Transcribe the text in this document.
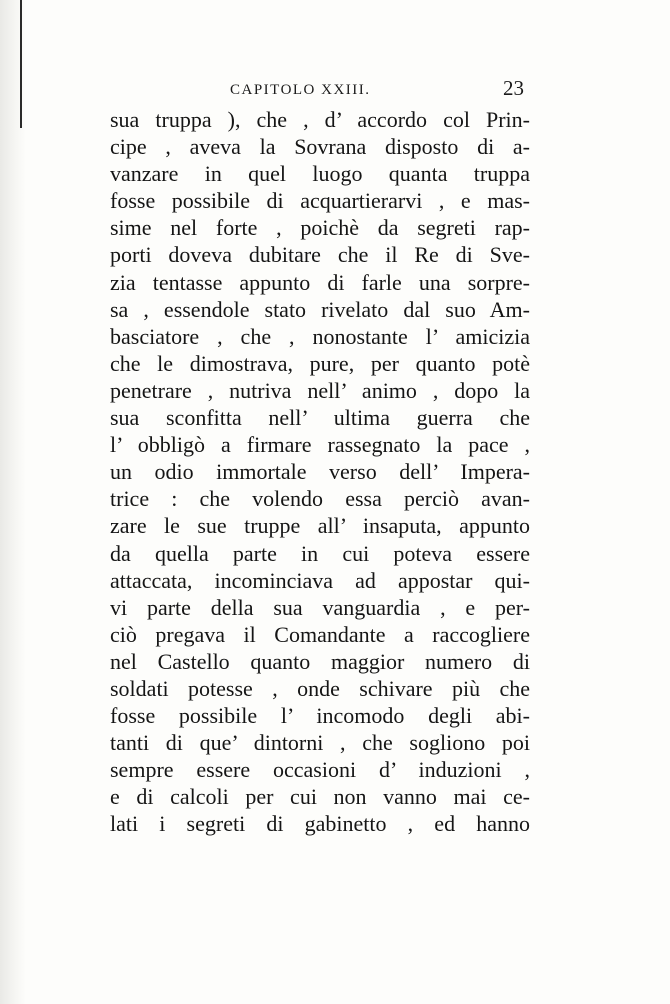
CAPITOLO XXIII.	23
sua truppa ), che , d’ accordo col Prin-
cipe , aveva la Sovrana disposto di a-
vanzare in quel luogo quanta truppa
fosse possibile di acquartierarvi , e mas-
sime nel forte , poichè da segreti rap-
porti doveva dubitare che il Re di Sve-
zia tentasse appunto di farle una sorpre-
sa , essendole stato rivelato dal suo Am-
basciatore , che , nonostante l’ amicizia
che le dimostrava, pure, per quanto potè
penetrare , nutriva nell’ animo , dopo la
sua sconfitta nell’ ultima guerra che
l’ obbligò a firmare rassegnato la pace ,
un odio immortale verso dell’ Impera-
trice : che volendo essa perciò avan-
zare le sue truppe all’ insaputa, appunto
da quella parte in cui poteva essere
attaccata, incominciava ad appostar qui-
vi parte della sua vanguardia , e per-
ciò pregava il Comandante a raccogliere
nel Castello quanto maggior numero di
soldati potesse , onde schivare più che
fosse possibile l’ incomodo degli abi-
tanti di que’ dintorni , che sogliono poi
sempre essere occasioni d’ induzioni ,
e di calcoli per cui non vanno mai ce-
lati i segreti di gabinetto , ed hanno
